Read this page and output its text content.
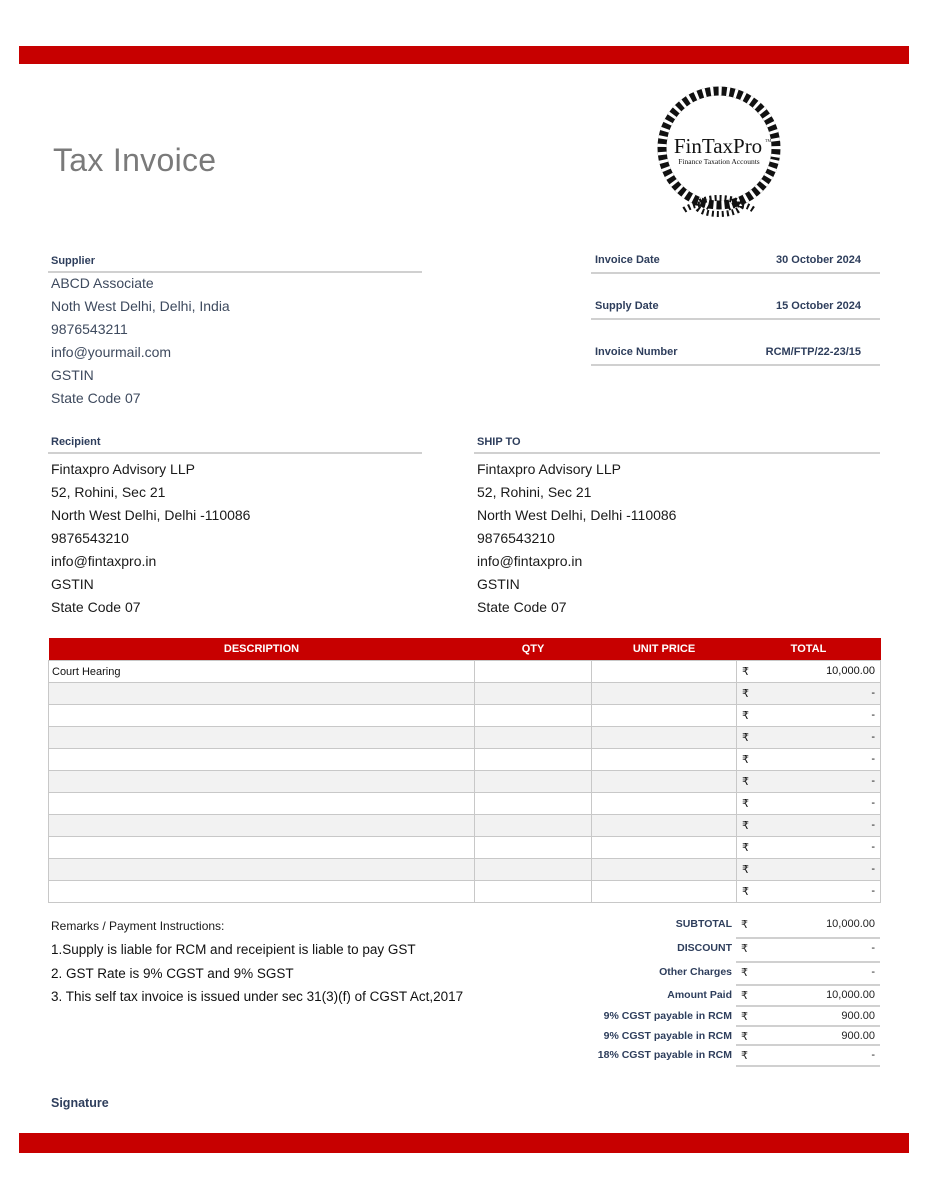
Tax Invoice	FinTaxPro TM
Finance Taxation Accounts
Supplier
ABCD Associate
Noth West Delhi, Delhi, India
9876543211
info@yourmail.com
GSTIN
State Code 07
Invoice Date	30 October 2024
Supply Date	15 October 2024
Invoice Number	RCM/FTP/22-23/15
Recipient
Fintaxpro Advisory LLP
52, Rohini, Sec 21
North West Delhi, Delhi -110086
9876543210
info@fintaxpro.in
GSTIN
State Code 07
SHIP TO
Fintaxpro Advisory LLP
52, Rohini, Sec 21
North West Delhi, Delhi -110086
9876543210
info@fintaxpro.in
GSTIN
State Code 07
DESCRIPTION	QTY	UNIT PRICE	TOTAL
Court Hearing			₹ 10,000.00

			₹ -

			₹ -

			₹ -

			₹ -

			₹ -

			₹ -

			₹ -

			₹ -

			₹ -

			₹ -
Remarks / Payment Instructions:
1.Supply is liable for RCM and receipient is liable to pay GST
2. GST Rate is 9% CGST and 9% SGST
3. This self tax invoice is issued under sec 31(3)(f) of CGST Act,2017
SUBTOTAL ₹	10,000.00
DISCOUNT ₹	-
Other Charges ₹	-
Amount Paid ₹	10,000.00
9% CGST payable in RCM ₹	900.00
9% CGST payable in RCM ₹	900.00
18% CGST payable in RCM ₹	-
Signature
